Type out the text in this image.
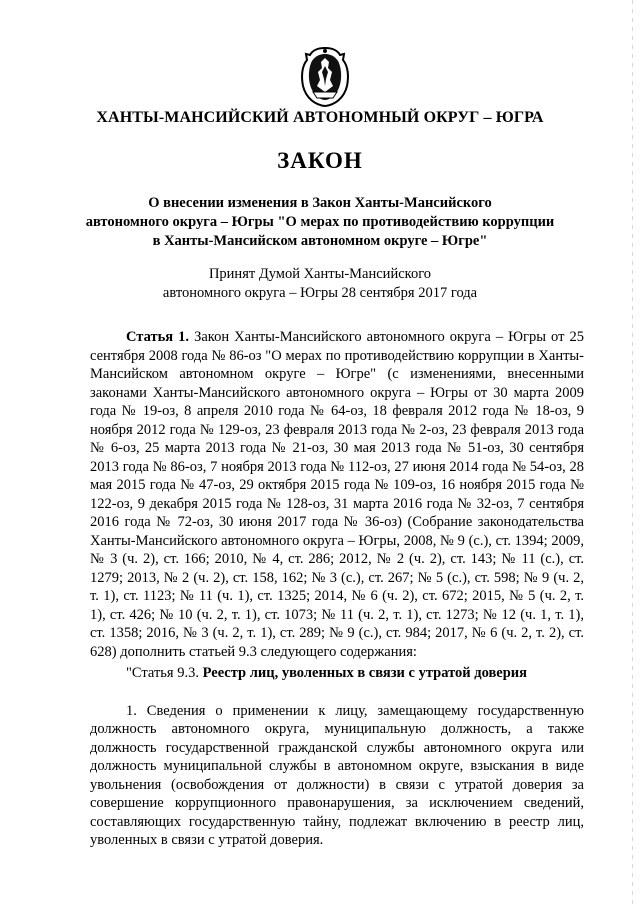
ХАНТЫ-МАНСИЙСКИЙ АВТОНОМНЫЙ ОКРУГ – ЮГРА
ЗАКОН
О внесении изменения в Закон Ханты-Мансийского
автономного округа – Югры "О мерах по противодействию коррупции
в Ханты-Мансийском автономном округе – Югре"
Принят Думой Ханты-Мансийского
автономного округа – Югры 28 сентября 2017 года

Статья 1. Закон Ханты-Мансийского автономного округа – Югры от 25 сентября 2008 года № 86-оз "О мерах по противодействию коррупции в Ханты-Мансийском автономном округе – Югре" (с изменениями, внесенными законами Ханты-Мансийского автономного округа – Югры от 30 марта 2009 года № 19-оз, 8 апреля 2010 года № 64-оз, 18 февраля 2012 года № 18-оз, 9 ноября 2012 года № 129-оз, 23 февраля 2013 года № 2-оз, 23 февраля 2013 года № 6-оз, 25 марта 2013 года № 21-оз, 30 мая 2013 года № 51-оз, 30 сентября 2013 года № 86-оз, 7 ноября 2013 года № 112-оз, 27 июня 2014 года № 54-оз, 28 мая 2015 года № 47-оз, 29 октября 2015 года № 109-оз, 16 ноября 2015 года № 122-оз, 9 декабря 2015 года № 128-оз, 31 марта 2016 года № 32-оз, 7 сентября 2016 года № 72-оз, 30 июня 2017 года № 36-оз) (Собрание законодательства Ханты-Мансийского автономного округа – Югры, 2008, № 9 (с.), ст. 1394; 2009, № 3 (ч. 2), ст. 166; 2010, № 4, ст. 286; 2012, № 2 (ч. 2), ст. 143; № 11 (с.), ст. 1279; 2013, № 2 (ч. 2), ст. 158, 162; № 3 (с.), ст. 267; № 5 (с.), ст. 598; № 9 (ч. 2, т. 1), ст. 1123; № 11 (ч. 1), ст. 1325; 2014, № 6 (ч. 2), ст. 672; 2015, № 5 (ч. 2, т. 1), ст. 426; № 10 (ч. 2, т. 1), ст. 1073; № 11 (ч. 2, т. 1), ст. 1273; № 12 (ч. 1, т. 1), ст. 1358; 2016, № 3 (ч. 2, т. 1), ст. 289; № 9 (с.), ст. 984; 2017, № 6 (ч. 2, т. 2), ст. 628) дополнить статьей 9.3 следующего содержания:

"Статья 9.3. Реестр лиц, уволенных в связи с утратой доверия

1. Сведения о применении к лицу, замещающему государственную должность автономного округа, муниципальную должность, а также должность государственной гражданской службы автономного округа или должность муниципальной службы в автономном округе, взыскания в виде увольнения (освобождения от должности) в связи с утратой доверия за совершение коррупционного правонарушения, за исключением сведений, составляющих государственную тайну, подлежат включению в реестр лиц, уволенных в связи с утратой доверия.
